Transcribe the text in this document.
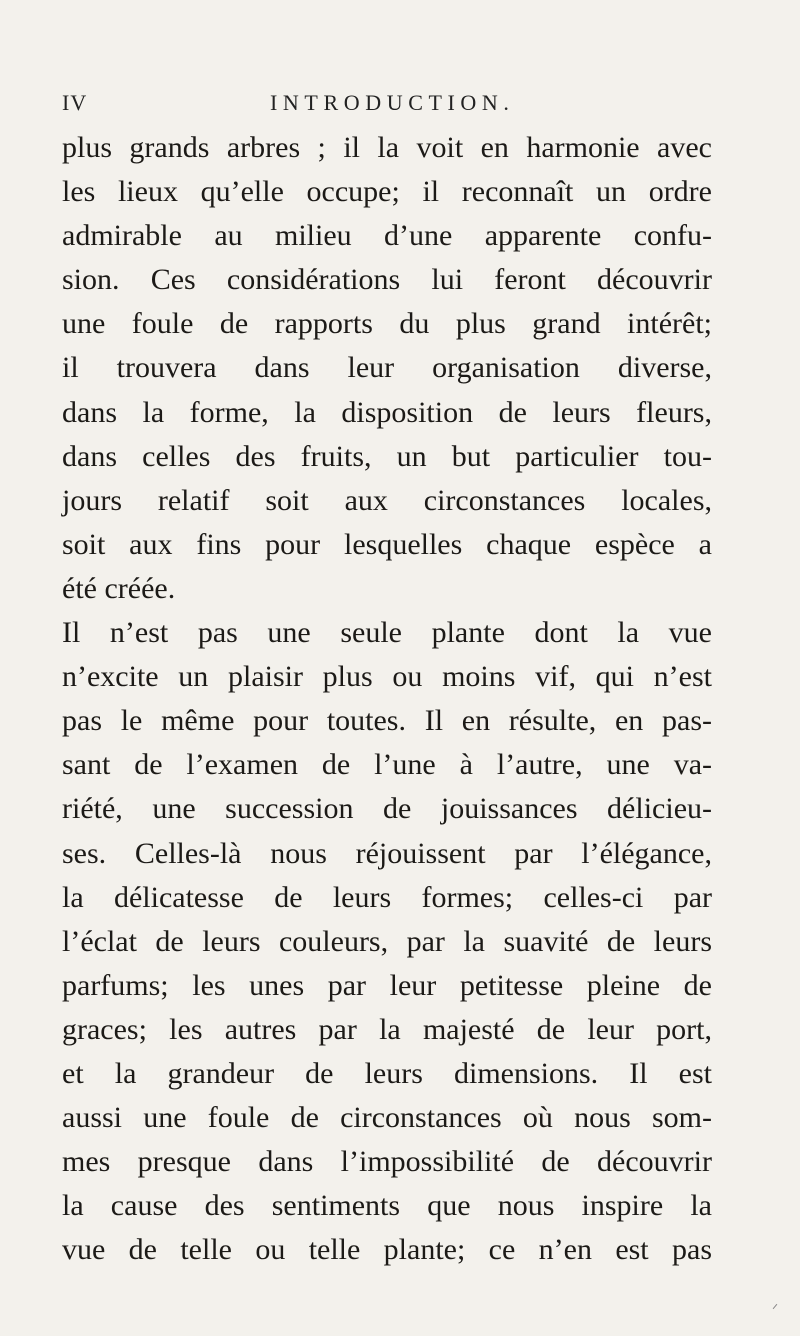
IV	INTRODUCTION.
plus grands arbres ; il la voit en harmonie avec
les lieux qu’elle occupe; il reconnaît un ordre
admirable au milieu d’une apparente confu-
sion. Ces considérations lui feront découvrir
une foule de rapports du plus grand intérêt;
il trouvera dans leur organisation diverse,
dans la forme, la disposition de leurs fleurs,
dans celles des fruits, un but particulier tou-
jours relatif soit aux circonstances locales,
soit aux fins pour lesquelles chaque espèce a
été créée.
Il n’est pas une seule plante dont la vue
n’excite un plaisir plus ou moins vif, qui n’est
pas le même pour toutes. Il en résulte, en pas-
sant de l’examen de l’une à l’autre, une va-
riété, une succession de jouissances délicieu-
ses. Celles-là nous réjouissent par l’élégance,
la délicatesse de leurs formes; celles-ci par
l’éclat de leurs couleurs, par la suavité de leurs
parfums; les unes par leur petitesse pleine de
graces; les autres par la majesté de leur port,
et la grandeur de leurs dimensions. Il est
aussi une foule de circonstances où nous som-
mes presque dans l’impossibilité de découvrir
la cause des sentiments que nous inspire la
vue de telle ou telle plante; ce n’en est pas
